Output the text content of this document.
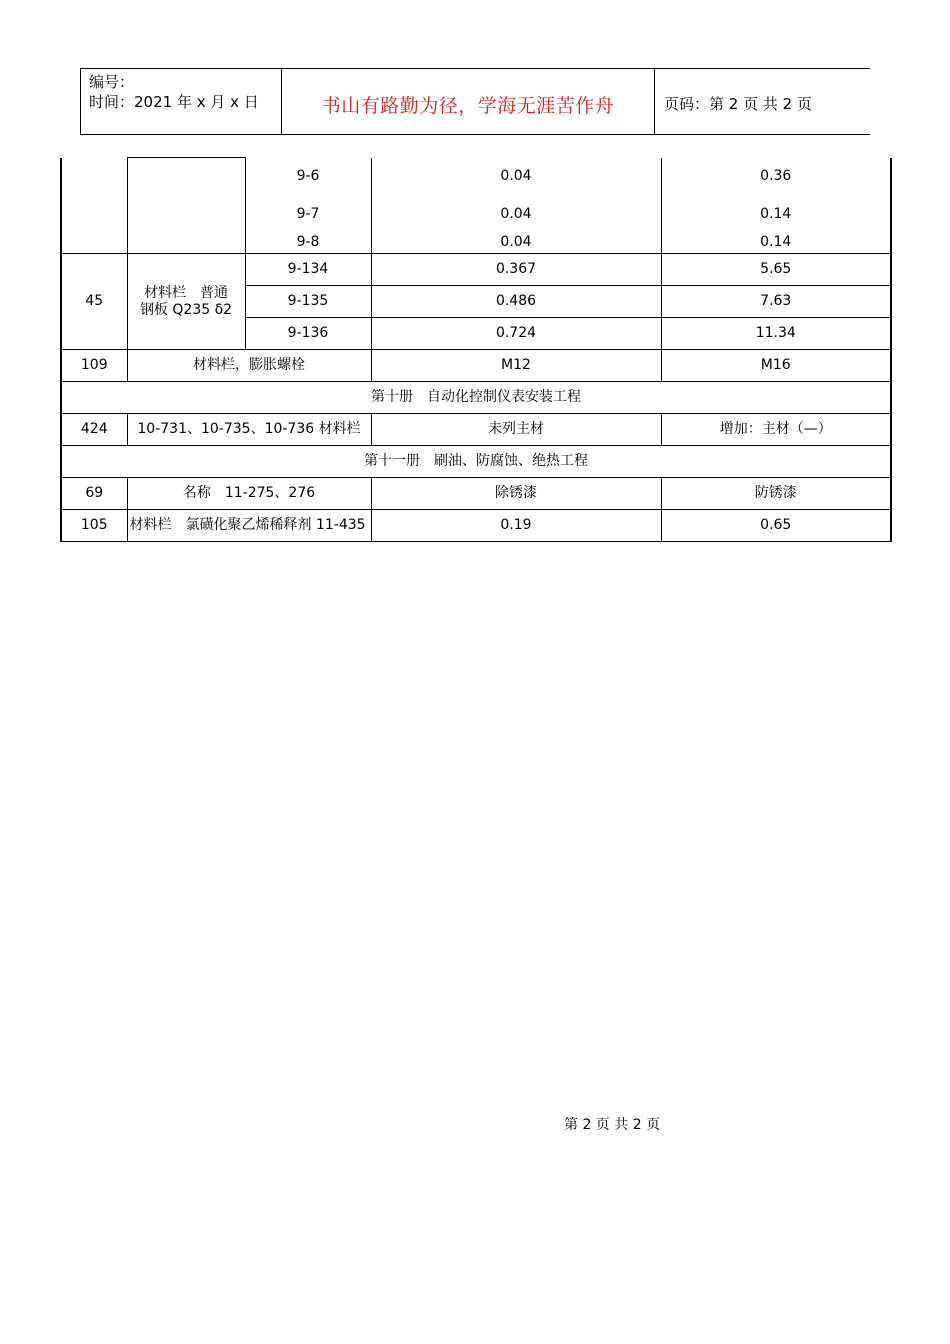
编号：
时间：2021 年 x 月 x 日	书山有路勤为径，学海无涯苦作舟	页码：第 2 页 共 2 页
		9-6	0.04	0.36
		9-7	0.04	0.14
		9-8	0.04	0.14
45	材料栏　普通钢板 Q235 δ2	9-134	0.367	5.65
		9-135	0.486	7.63
		9-136	0.724	11.34
109	材料栏，膨胀螺栓		M12	M16
第十册　自动化控制仪表安装工程				
424	10-731、10-735、10-736 材料栏		未列主材	增加：主材（—）
第十一册　刷油、防腐蚀、绝热工程				
69	名称　11-275、276		除锈漆	防锈漆
105	材料栏　氯磺化聚乙烯稀释剂 11-435		0.19	0.65
第 2 页 共 2 页
